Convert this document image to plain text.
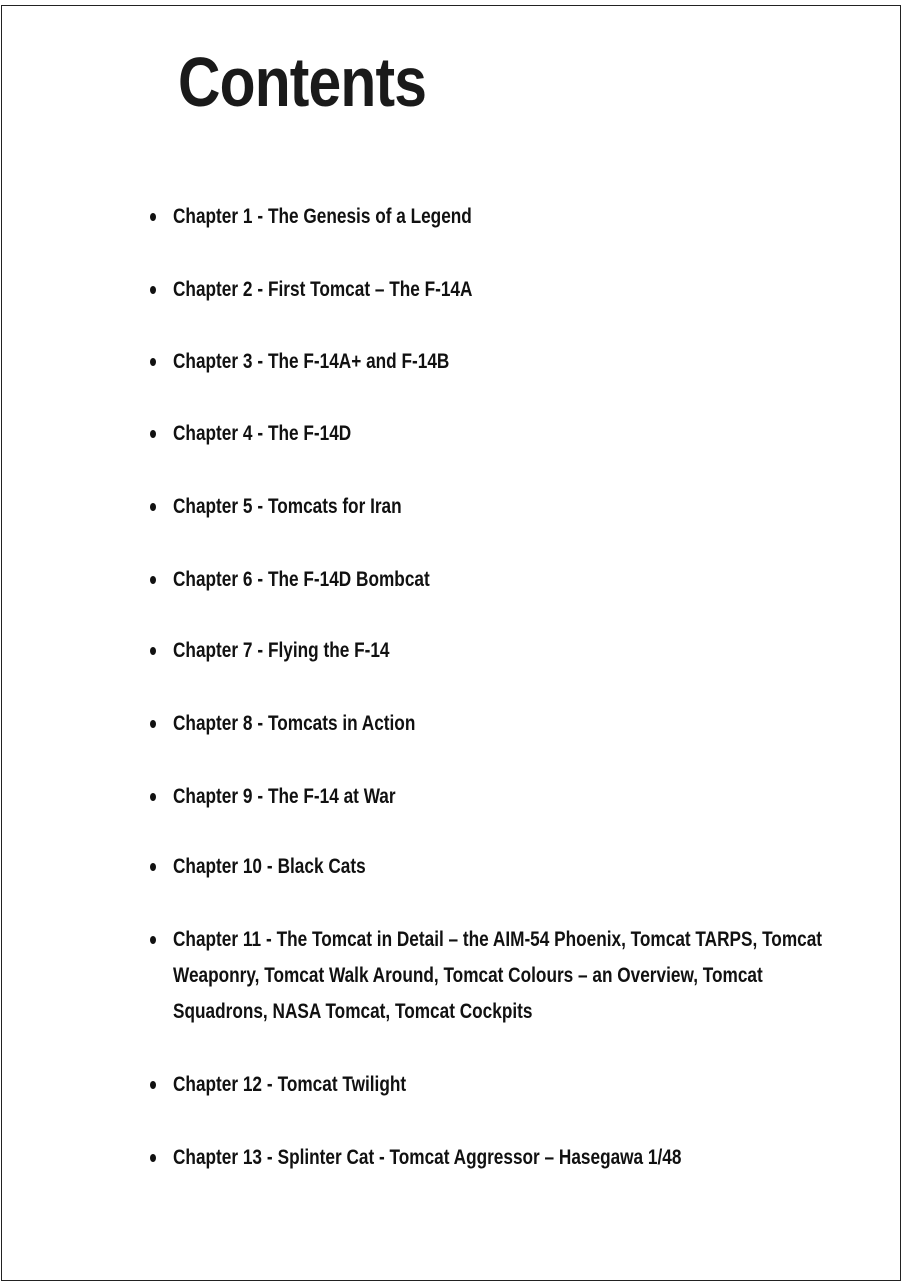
Contents
Chapter 1 - The Genesis of a Legend
Chapter 2 - First Tomcat – The F-14A
Chapter 3 - The F-14A+ and F-14B
Chapter 4 - The F-14D
Chapter 5 - Tomcats for Iran
Chapter 6 - The F-14D Bombcat
Chapter 7 - Flying the F-14
Chapter 8 - Tomcats in Action
Chapter 9 - The F-14 at War
Chapter 10 - Black Cats
Chapter 11 - The Tomcat in Detail – the AIM-54 Phoenix, Tomcat TARPS, Tomcat Weaponry, Tomcat Walk Around, Tomcat Colours – an Overview, Tomcat Squadrons, NASA Tomcat, Tomcat Cockpits
Chapter 12 - Tomcat Twilight
Chapter 13 - Splinter Cat - Tomcat Aggressor – Hasegawa 1/48
